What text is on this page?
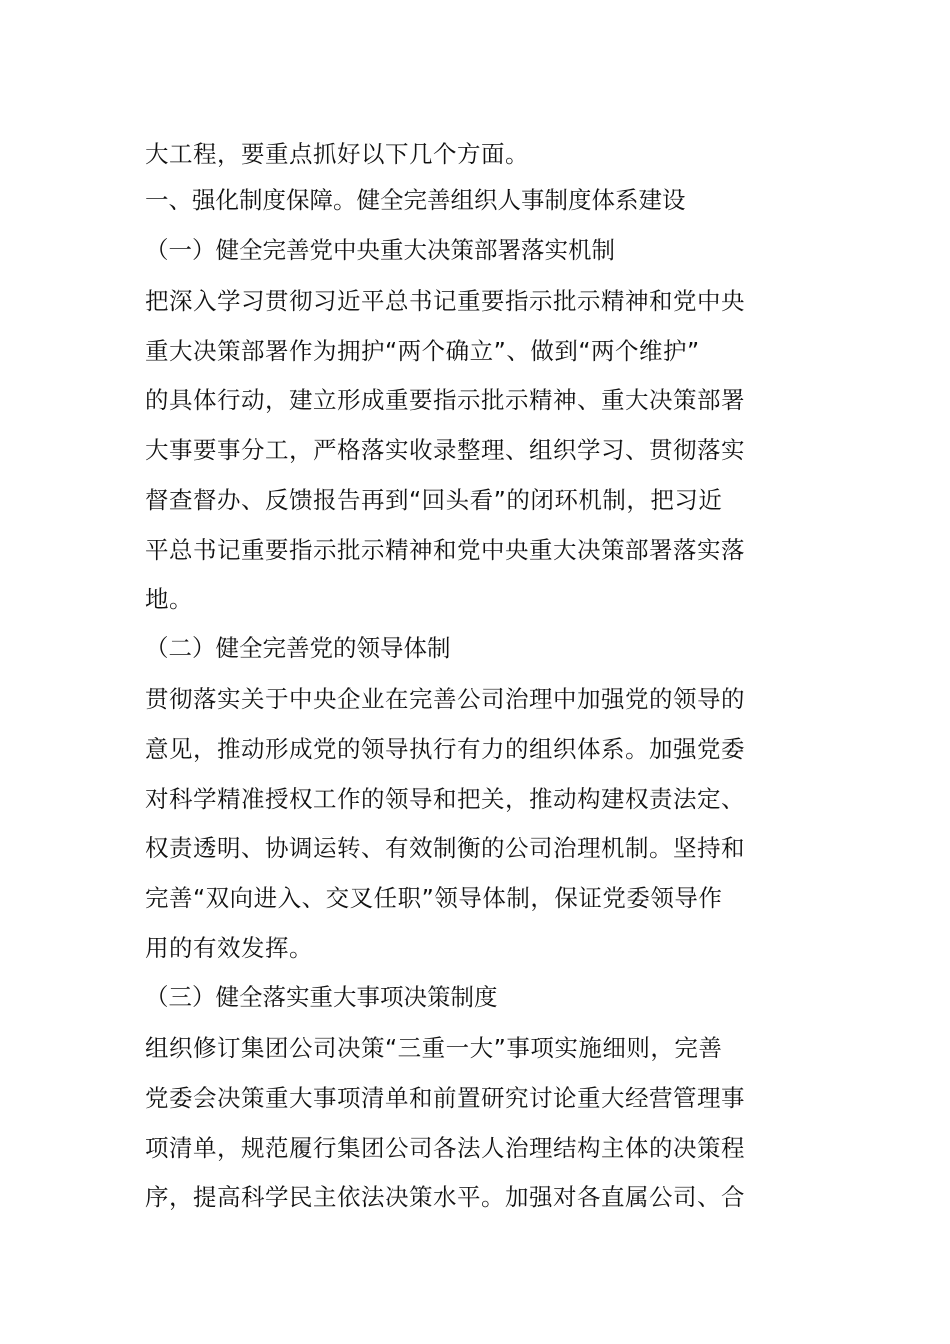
大工程，要重点抓好以下几个方面。
一、强化制度保障。健全完善组织人事制度体系建设
（一）健全完善党中央重大决策部署落实机制
把深入学习贯彻习近平总书记重要指示批示精神和党中央
重大决策部署作为拥护“两个确立”、做到“两个维护”
的具体行动，建立形成重要指示批示精神、重大决策部署
大事要事分工，严格落实收录整理、组织学习、贯彻落实
督查督办、反馈报告再到“回头看”的闭环机制，把习近
平总书记重要指示批示精神和党中央重大决策部署落实落
地。
（二）健全完善党的领导体制
贯彻落实关于中央企业在完善公司治理中加强党的领导的
意见，推动形成党的领导执行有力的组织体系。加强党委
对科学精准授权工作的领导和把关，推动构建权责法定、
权责透明、协调运转、有效制衡的公司治理机制。坚持和
完善“双向进入、交叉任职”领导体制，保证党委领导作
用的有效发挥。
（三）健全落实重大事项决策制度
组织修订集团公司决策“三重一大”事项实施细则，完善
党委会决策重大事项清单和前置研究讨论重大经营管理事
项清单，规范履行集团公司各法人治理结构主体的决策程
序，提高科学民主依法决策水平。加强对各直属公司、合
